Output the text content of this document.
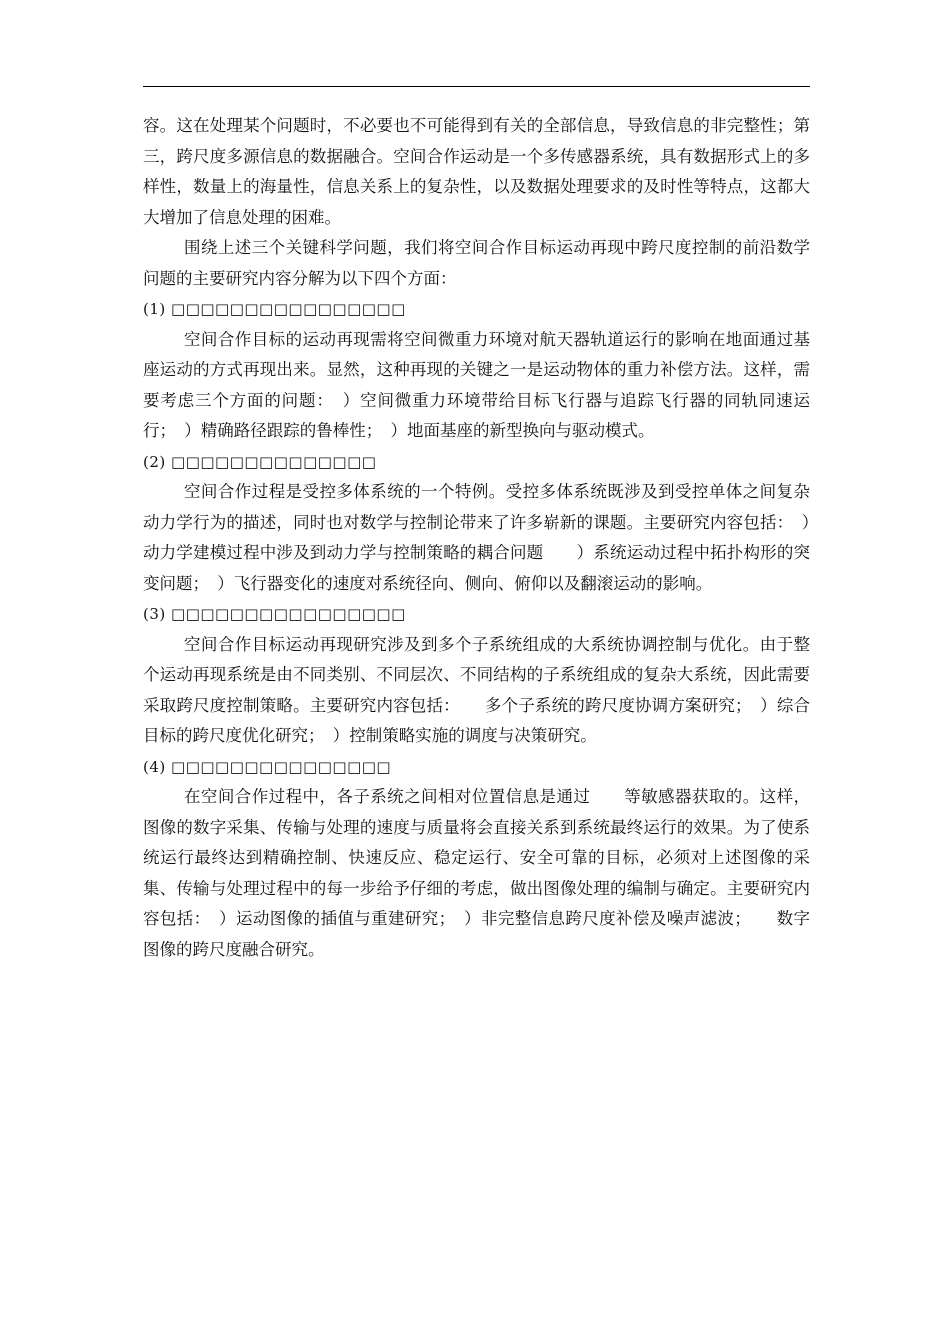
容。这在处理某个问题时，不必要也不可能得到有关的全部信息，导致信息的非完整性；第三，跨尺度多源信息的数据融合。空间合作运动是一个多传感器系统，具有数据形式上的多样性，数量上的海量性，信息关系上的复杂性，以及数据处理要求的及时性等特点，这都大大增加了信息处理的困难。

围绕上述三个关键科学问题，我们将空间合作目标运动再现中跨尺度控制的前沿数学问题的主要研究内容分解为以下四个方面：

(1) □□□□□□□□□□□□□□□□

空间合作目标的运动再现需将空间微重力环境对航天器轨道运行的影响在地面通过基座运动的方式再现出来。显然，这种再现的关键之一是运动物体的重力补偿方法。这样，需要考虑三个方面的问题：　）空间微重力环境带给目标飞行器与追踪飞行器的同轨同速运行；　）精确路径跟踪的鲁棒性；　）地面基座的新型换向与驱动模式。

(2) □□□□□□□□□□□□□□

空间合作过程是受控多体系统的一个特例。受控多体系统既涉及到受控单体之间复杂动力学行为的描述，同时也对数学与控制论带来了许多崭新的课题。主要研究内容包括：　）动力学建模过程中涉及到动力学与控制策略的耦合问题　　）系统运动过程中拓扑构形的突变问题；　）飞行器变化的速度对系统径向、侧向、俯仰以及翻滚运动的影响。

(3) □□□□□□□□□□□□□□□□

空间合作目标运动再现研究涉及到多个子系统组成的大系统协调控制与优化。由于整个运动再现系统是由不同类别、不同层次、不同结构的子系统组成的复杂大系统，因此需要采取跨尺度控制策略。主要研究内容包括：　　多个子系统的跨尺度协调方案研究；　）综合目标的跨尺度优化研究；　）控制策略实施的调度与决策研究。

(4) □□□□□□□□□□□□□□□

在空间合作过程中，各子系统之间相对位置信息是通过　　等敏感器获取的。这样，图像的数字采集、传输与处理的速度与质量将会直接关系到系统最终运行的效果。为了使系统运行最终达到精确控制、快速反应、稳定运行、安全可靠的目标，必须对上述图像的采集、传输与处理过程中的每一步给予仔细的考虑，做出图像处理的编制与确定。主要研究内容包括：　）运动图像的插值与重建研究；　）非完整信息跨尺度补偿及噪声滤波；　　数字图像的跨尺度融合研究。
